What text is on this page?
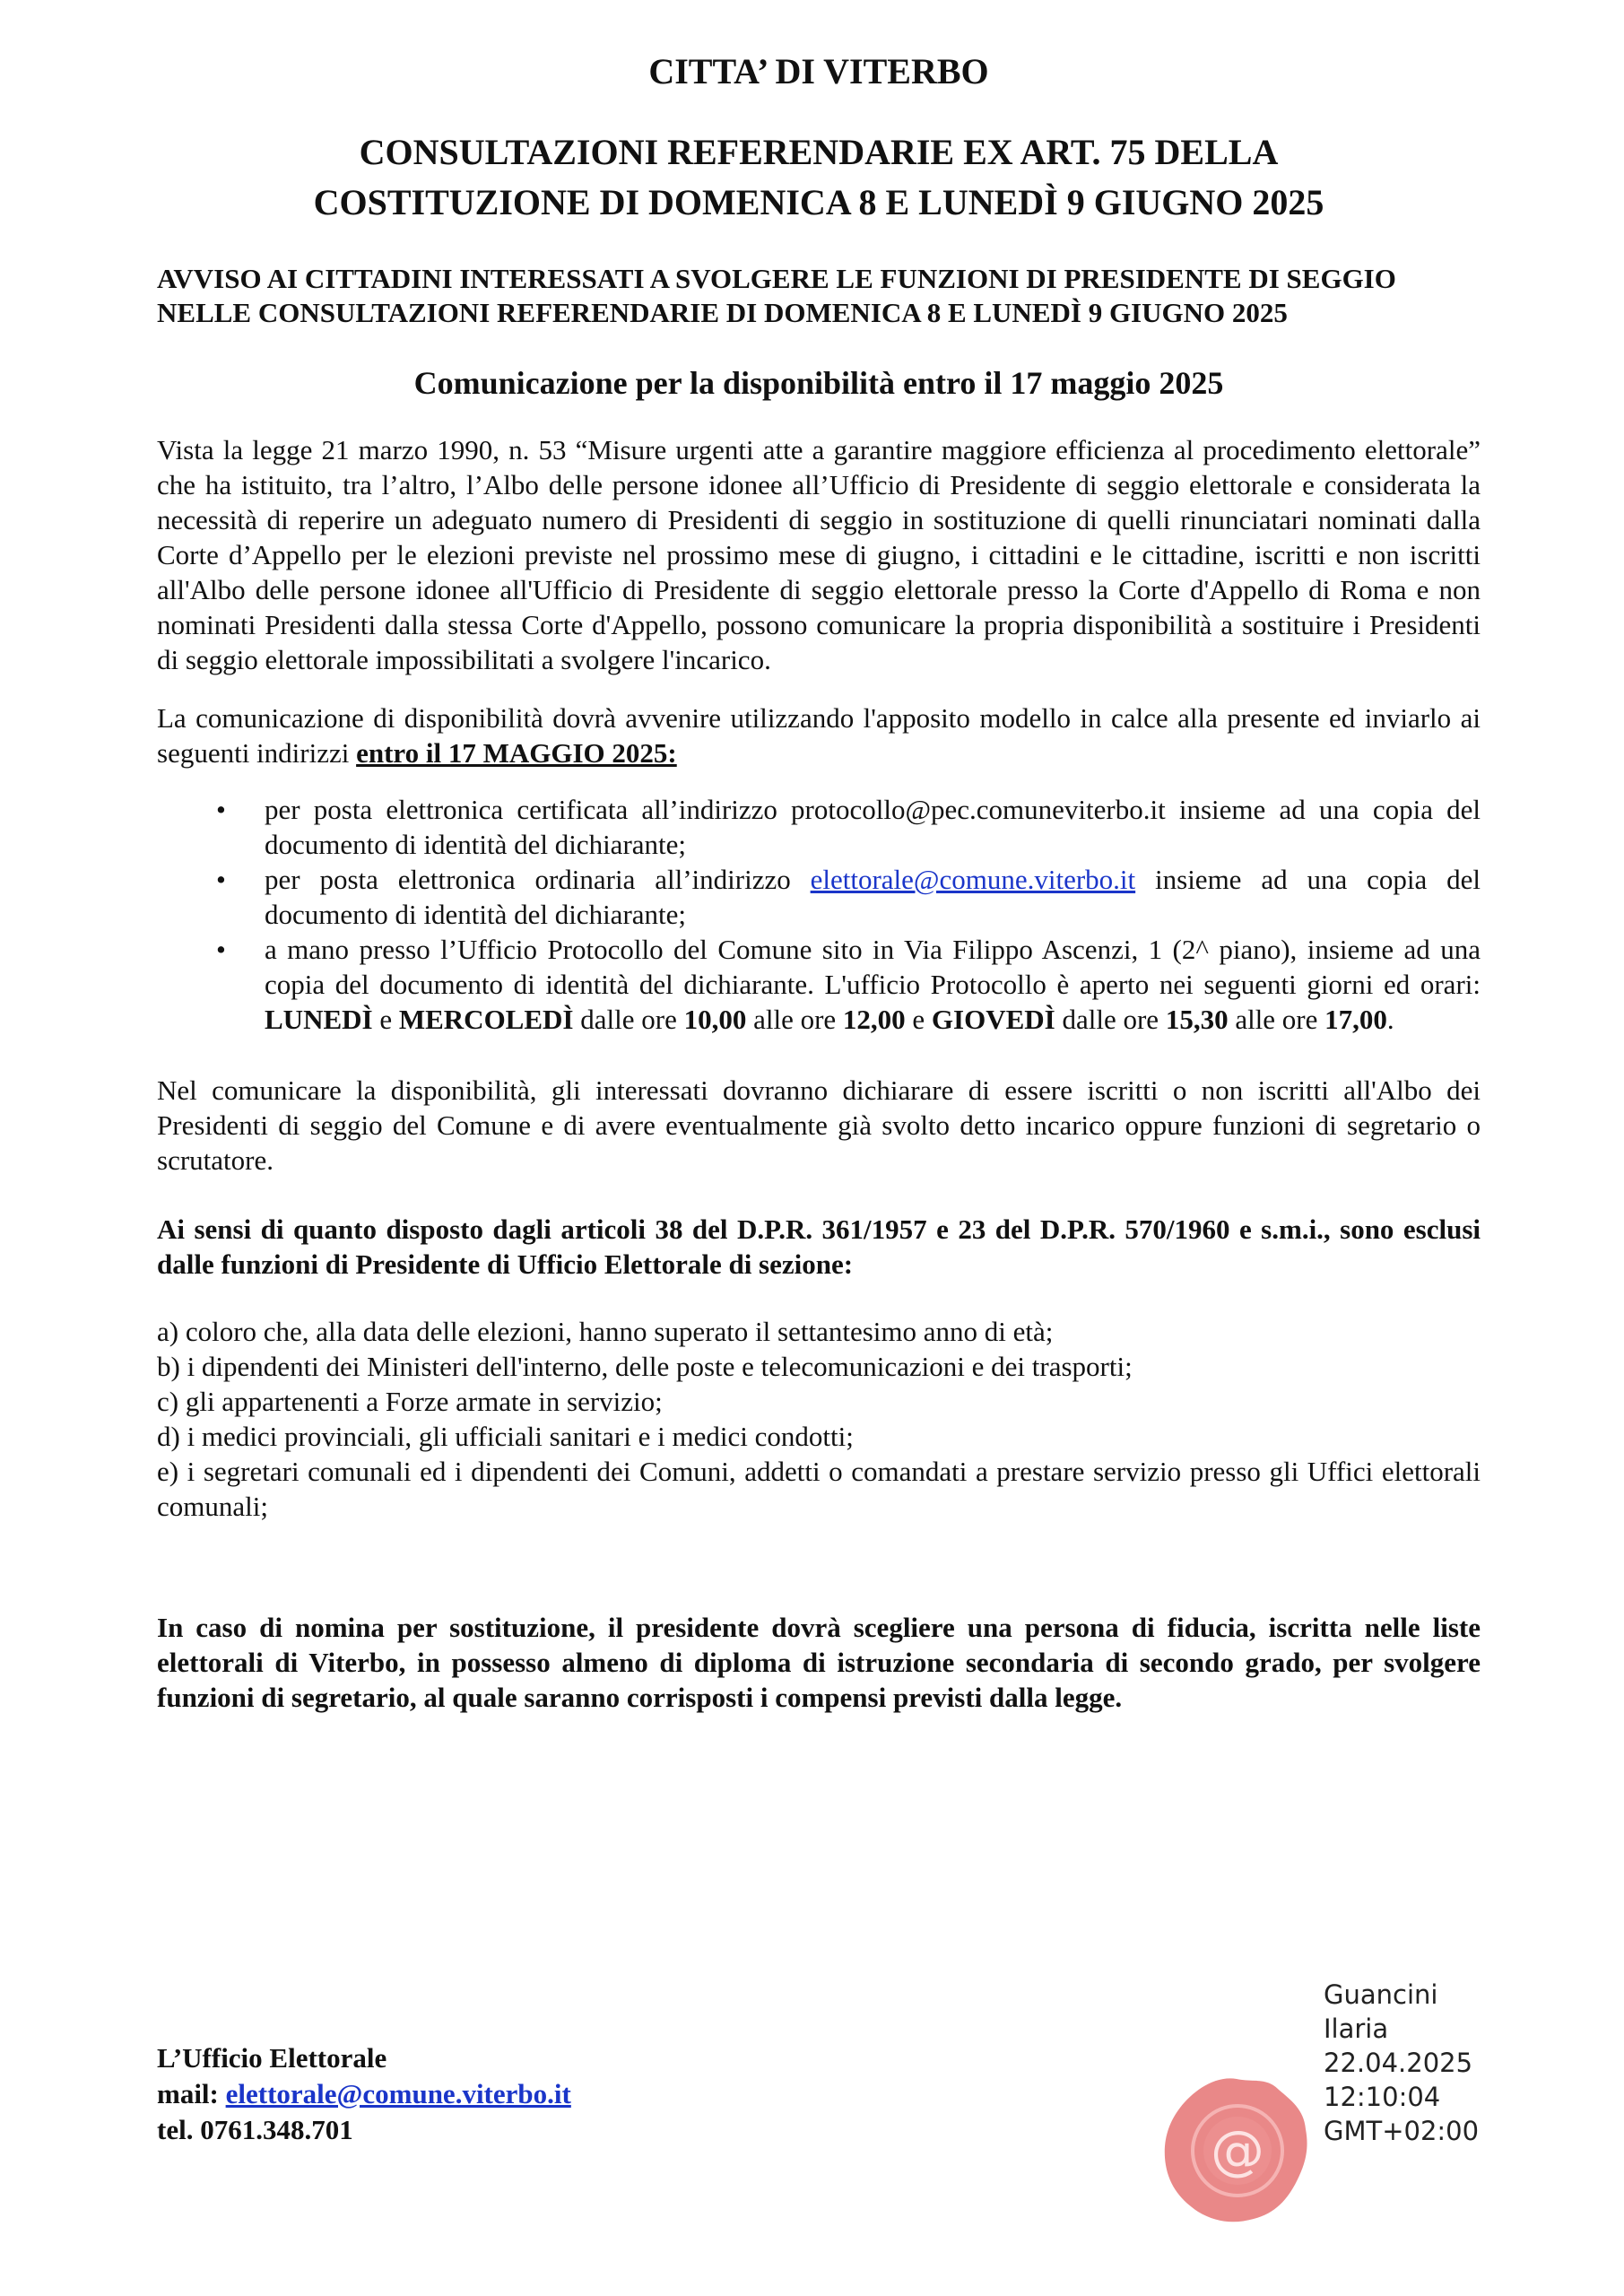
CITTA’ DI VITERBO
CONSULTAZIONI REFERENDARIE EX ART. 75 DELLA
COSTITUZIONE DI DOMENICA 8 E LUNEDÌ 9 GIUGNO 2025
AVVISO AI CITTADINI INTERESSATI A SVOLGERE LE FUNZIONI DI PRESIDENTE DI SEGGIO NELLE CONSULTAZIONI REFERENDARIE DI DOMENICA 8 E LUNEDÌ 9 GIUGNO 2025
Comunicazione per la disponibilità entro il 17 maggio 2025

Vista la legge 21 marzo 1990, n. 53 “Misure urgenti atte a garantire maggiore efficienza al procedimento elettorale” che ha istituito, tra l’altro, l’Albo delle persone idonee all’Ufficio di Presidente di seggio elettorale e considerata la necessità di reperire un adeguato numero di Presidenti di seggio in sostituzione di quelli rinunciatari nominati dalla Corte d’Appello per le elezioni previste nel prossimo mese di giugno, i cittadini e le cittadine, iscritti e non iscritti all'Albo delle persone idonee all'Ufficio di Presidente di seggio elettorale presso la Corte d'Appello di Roma e non nominati Presidenti dalla stessa Corte d'Appello, possono comunicare la propria disponibilità a sostituire i Presidenti di seggio elettorale impossibilitati a svolgere l'incarico.

La comunicazione di disponibilità dovrà avvenire utilizzando l'apposito modello in calce alla presente ed inviarlo ai seguenti indirizzi entro il 17 MAGGIO 2025:

• per posta elettronica certificata all’indirizzo protocollo@pec.comuneviterbo.it insieme ad una copia del documento di identità del dichiarante;
• per posta elettronica ordinaria all’indirizzo elettorale@comune.viterbo.it insieme ad una copia del documento di identità del dichiarante;
• a mano presso l’Ufficio Protocollo del Comune sito in Via Filippo Ascenzi, 1 (2^ piano), insieme ad una copia del documento di identità del dichiarante. L'ufficio Protocollo è aperto nei seguenti giorni ed orari: LUNEDÌ e MERCOLEDÌ dalle ore 10,00 alle ore 12,00 e GIOVEDÌ dalle ore 15,30 alle ore 17,00.

Nel comunicare la disponibilità, gli interessati dovranno dichiarare di essere iscritti o non iscritti all'Albo dei Presidenti di seggio del Comune e di avere eventualmente già svolto detto incarico oppure funzioni di segretario o scrutatore.

Ai sensi di quanto disposto dagli articoli 38 del D.P.R. 361/1957 e 23 del D.P.R. 570/1960 e s.m.i., sono esclusi dalle funzioni di Presidente di Ufficio Elettorale di sezione:

a) coloro che, alla data delle elezioni, hanno superato il settantesimo anno di età;
b) i dipendenti dei Ministeri dell'interno, delle poste e telecomunicazioni e dei trasporti;
c) gli appartenenti a Forze armate in servizio;
d) i medici provinciali, gli ufficiali sanitari e i medici condotti;
e) i segretari comunali ed i dipendenti dei Comuni, addetti o comandati a prestare servizio presso gli Uffici elettorali comunali;
In caso di nomina per sostituzione, il presidente dovrà scegliere una persona di fiducia, iscritta nelle liste elettorali di Viterbo, in possesso almeno di diploma di istruzione secondaria di secondo grado, per svolgere funzioni di segretario, al quale saranno corrisposti i compensi previsti dalla legge.
L’Ufficio Elettorale
mail: elettorale@comune.viterbo.it
tel. 0761.348.701	@
Guancini
Ilaria
22.04.2025
12:10:04
GMT+02:00
